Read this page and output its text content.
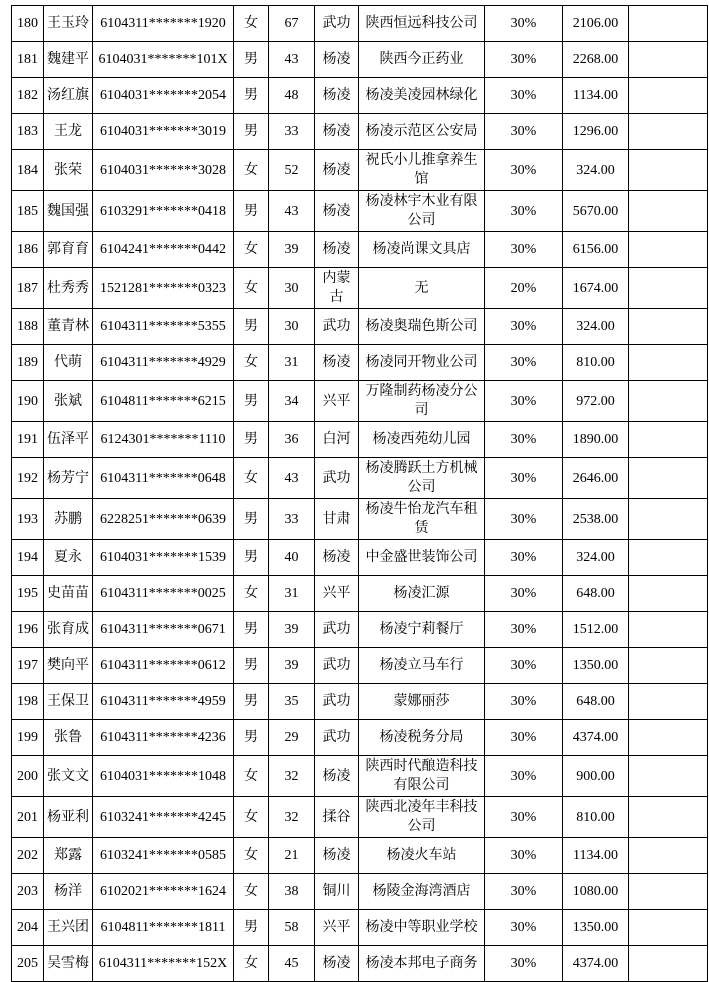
180	王玉玲	6104311*******1920	女	67	武功	陕西恒远科技公司	30%	2106.00	
181	魏建平	6104031*******101X	男	43	杨凌	陕西今正药业	30%	2268.00	
182	汤红旗	6104031*******2054	男	48	杨凌	杨凌美凌园林绿化	30%	1134.00	
183	王龙	6104031*******3019	男	33	杨凌	杨凌示范区公安局	30%	1296.00	
184	张荣	6104031*******3028	女	52	杨凌	祝氏小儿推拿养生馆	30%	324.00	
185	魏国强	6103291*******0418	男	43	杨凌	杨凌林宇木业有限公司	30%	5670.00	
186	郭育育	6104241*******0442	女	39	杨凌	杨凌尚课文具店	30%	6156.00	
187	杜秀秀	1521281*******0323	女	30	内蒙古	无	20%	1674.00	
188	董青林	6104311*******5355	男	30	武功	杨凌奥瑞色斯公司	30%	324.00	
189	代萌	6104311*******4929	女	31	杨凌	杨凌同开物业公司	30%	810.00	
190	张斌	6104811*******6215	男	34	兴平	万隆制药杨凌分公司	30%	972.00	
191	伍泽平	6124301*******1110	男	36	白河	杨凌西苑幼儿园	30%	1890.00	
192	杨芳宁	6104311*******0648	女	43	武功	杨凌腾跃土方机械公司	30%	2646.00	
193	苏鹏	6228251*******0639	男	33	甘肃	杨凌牛怡龙汽车租赁	30%	2538.00	
194	夏永	6104031*******1539	男	40	杨凌	中金盛世装饰公司	30%	324.00	
195	史苗苗	6104311*******0025	女	31	兴平	杨凌汇源	30%	648.00	
196	张育成	6104311*******0671	男	39	武功	杨凌宁莉餐厅	30%	1512.00	
197	樊向平	6104311*******0612	男	39	武功	杨凌立马车行	30%	1350.00	
198	王保卫	6104311*******4959	男	35	武功	蒙娜丽莎	30%	648.00	
199	张鲁	6104311*******4236	男	29	武功	杨凌税务分局	30%	4374.00	
200	张文文	6104031*******1048	女	32	杨凌	陕西时代酿造科技有限公司	30%	900.00	
201	杨亚利	6103241*******4245	女	32	揉谷	陕西北凌年丰科技公司	30%	810.00	
202	郑露	6103241*******0585	女	21	杨凌	杨凌火车站	30%	1134.00	
203	杨洋	6102021*******1624	女	38	铜川	杨陵金海湾酒店	30%	1080.00	
204	王兴团	6104811*******1811	男	58	兴平	杨凌中等职业学校	30%	1350.00	
205	吴雪梅	6104311*******152X	女	45	杨凌	杨凌本邦电子商务	30%	4374.00	
